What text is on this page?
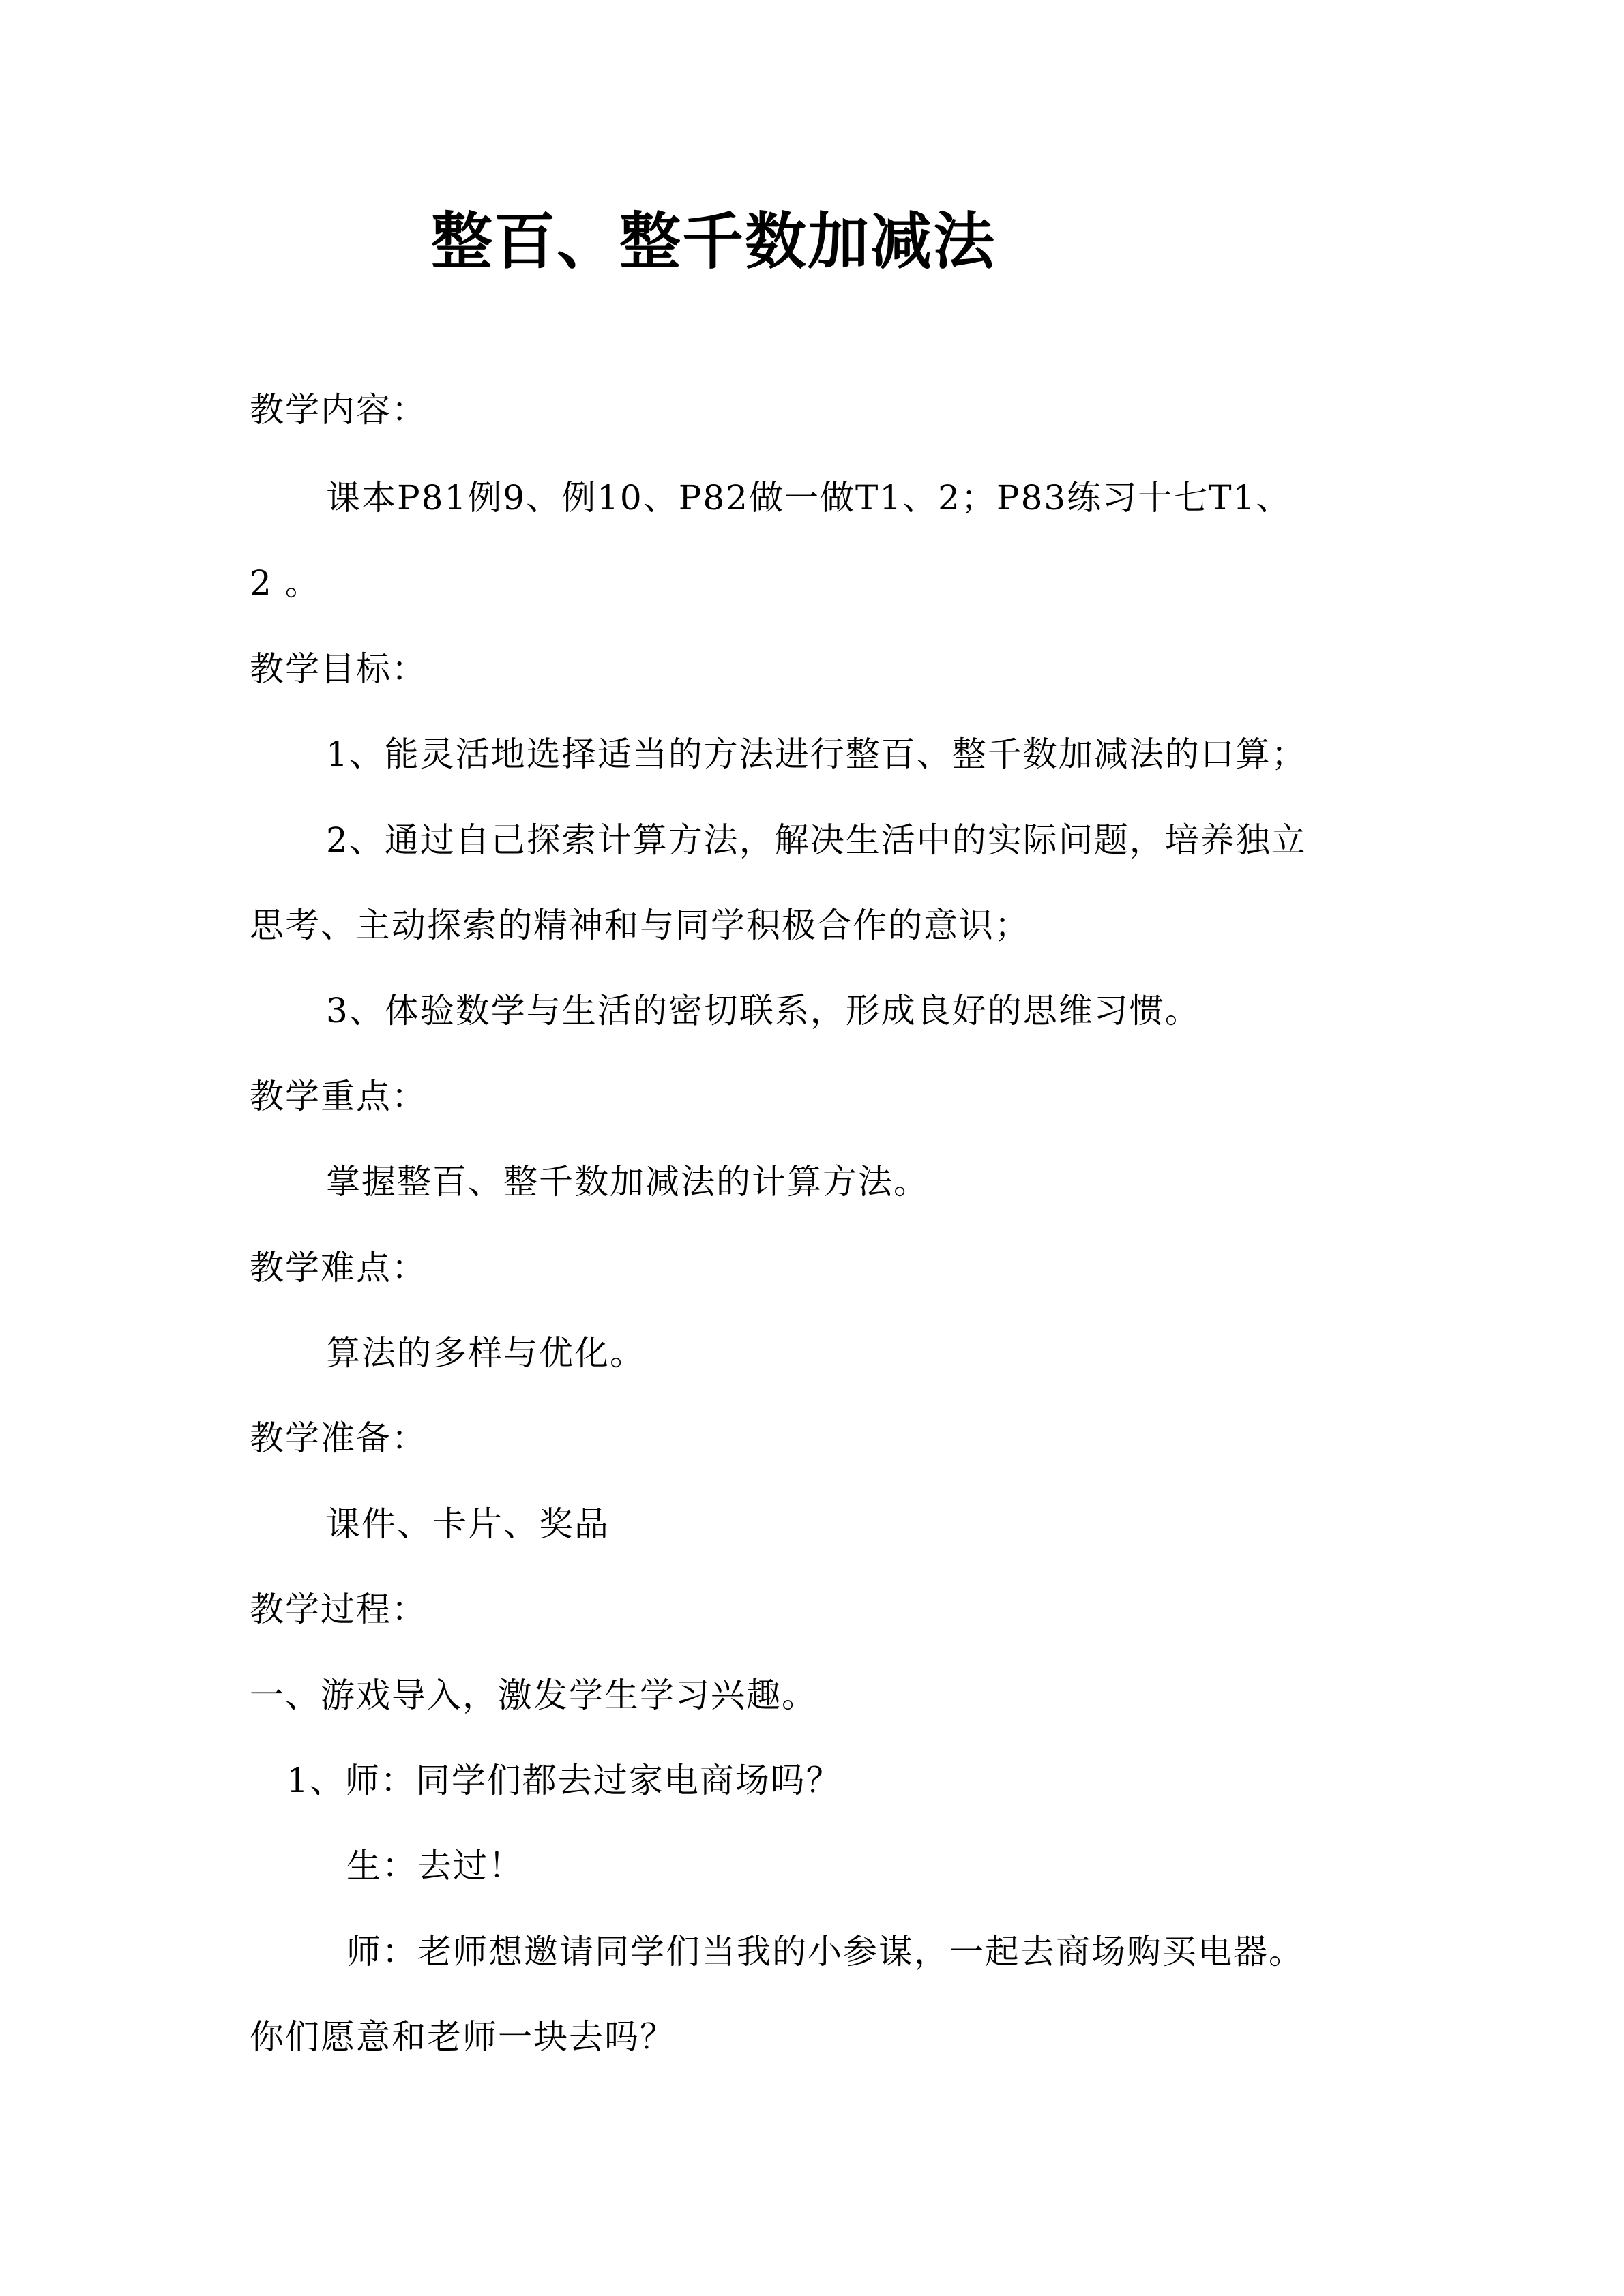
整百、整千数加减法
教学内容：
课本P81例9、例10、P82做一做T1、2；P83练习十七T1、
2 。
教学目标：
1、能灵活地选择适当的方法进行整百、整千数加减法的口算；
2、通过自己探索计算方法，解决生活中的实际问题，培养独立
思考、主动探索的精神和与同学积极合作的意识；
3、体验数学与生活的密切联系，形成良好的思维习惯。
教学重点：
掌握整百、整千数加减法的计算方法。
教学难点：
算法的多样与优化。
教学准备：
课件、卡片、奖品
教学过程：
一、游戏导入，激发学生学习兴趣。
1、师：同学们都去过家电商场吗？
生：去过！
师：老师想邀请同学们当我的小参谋，一起去商场购买电器。
你们愿意和老师一块去吗？
